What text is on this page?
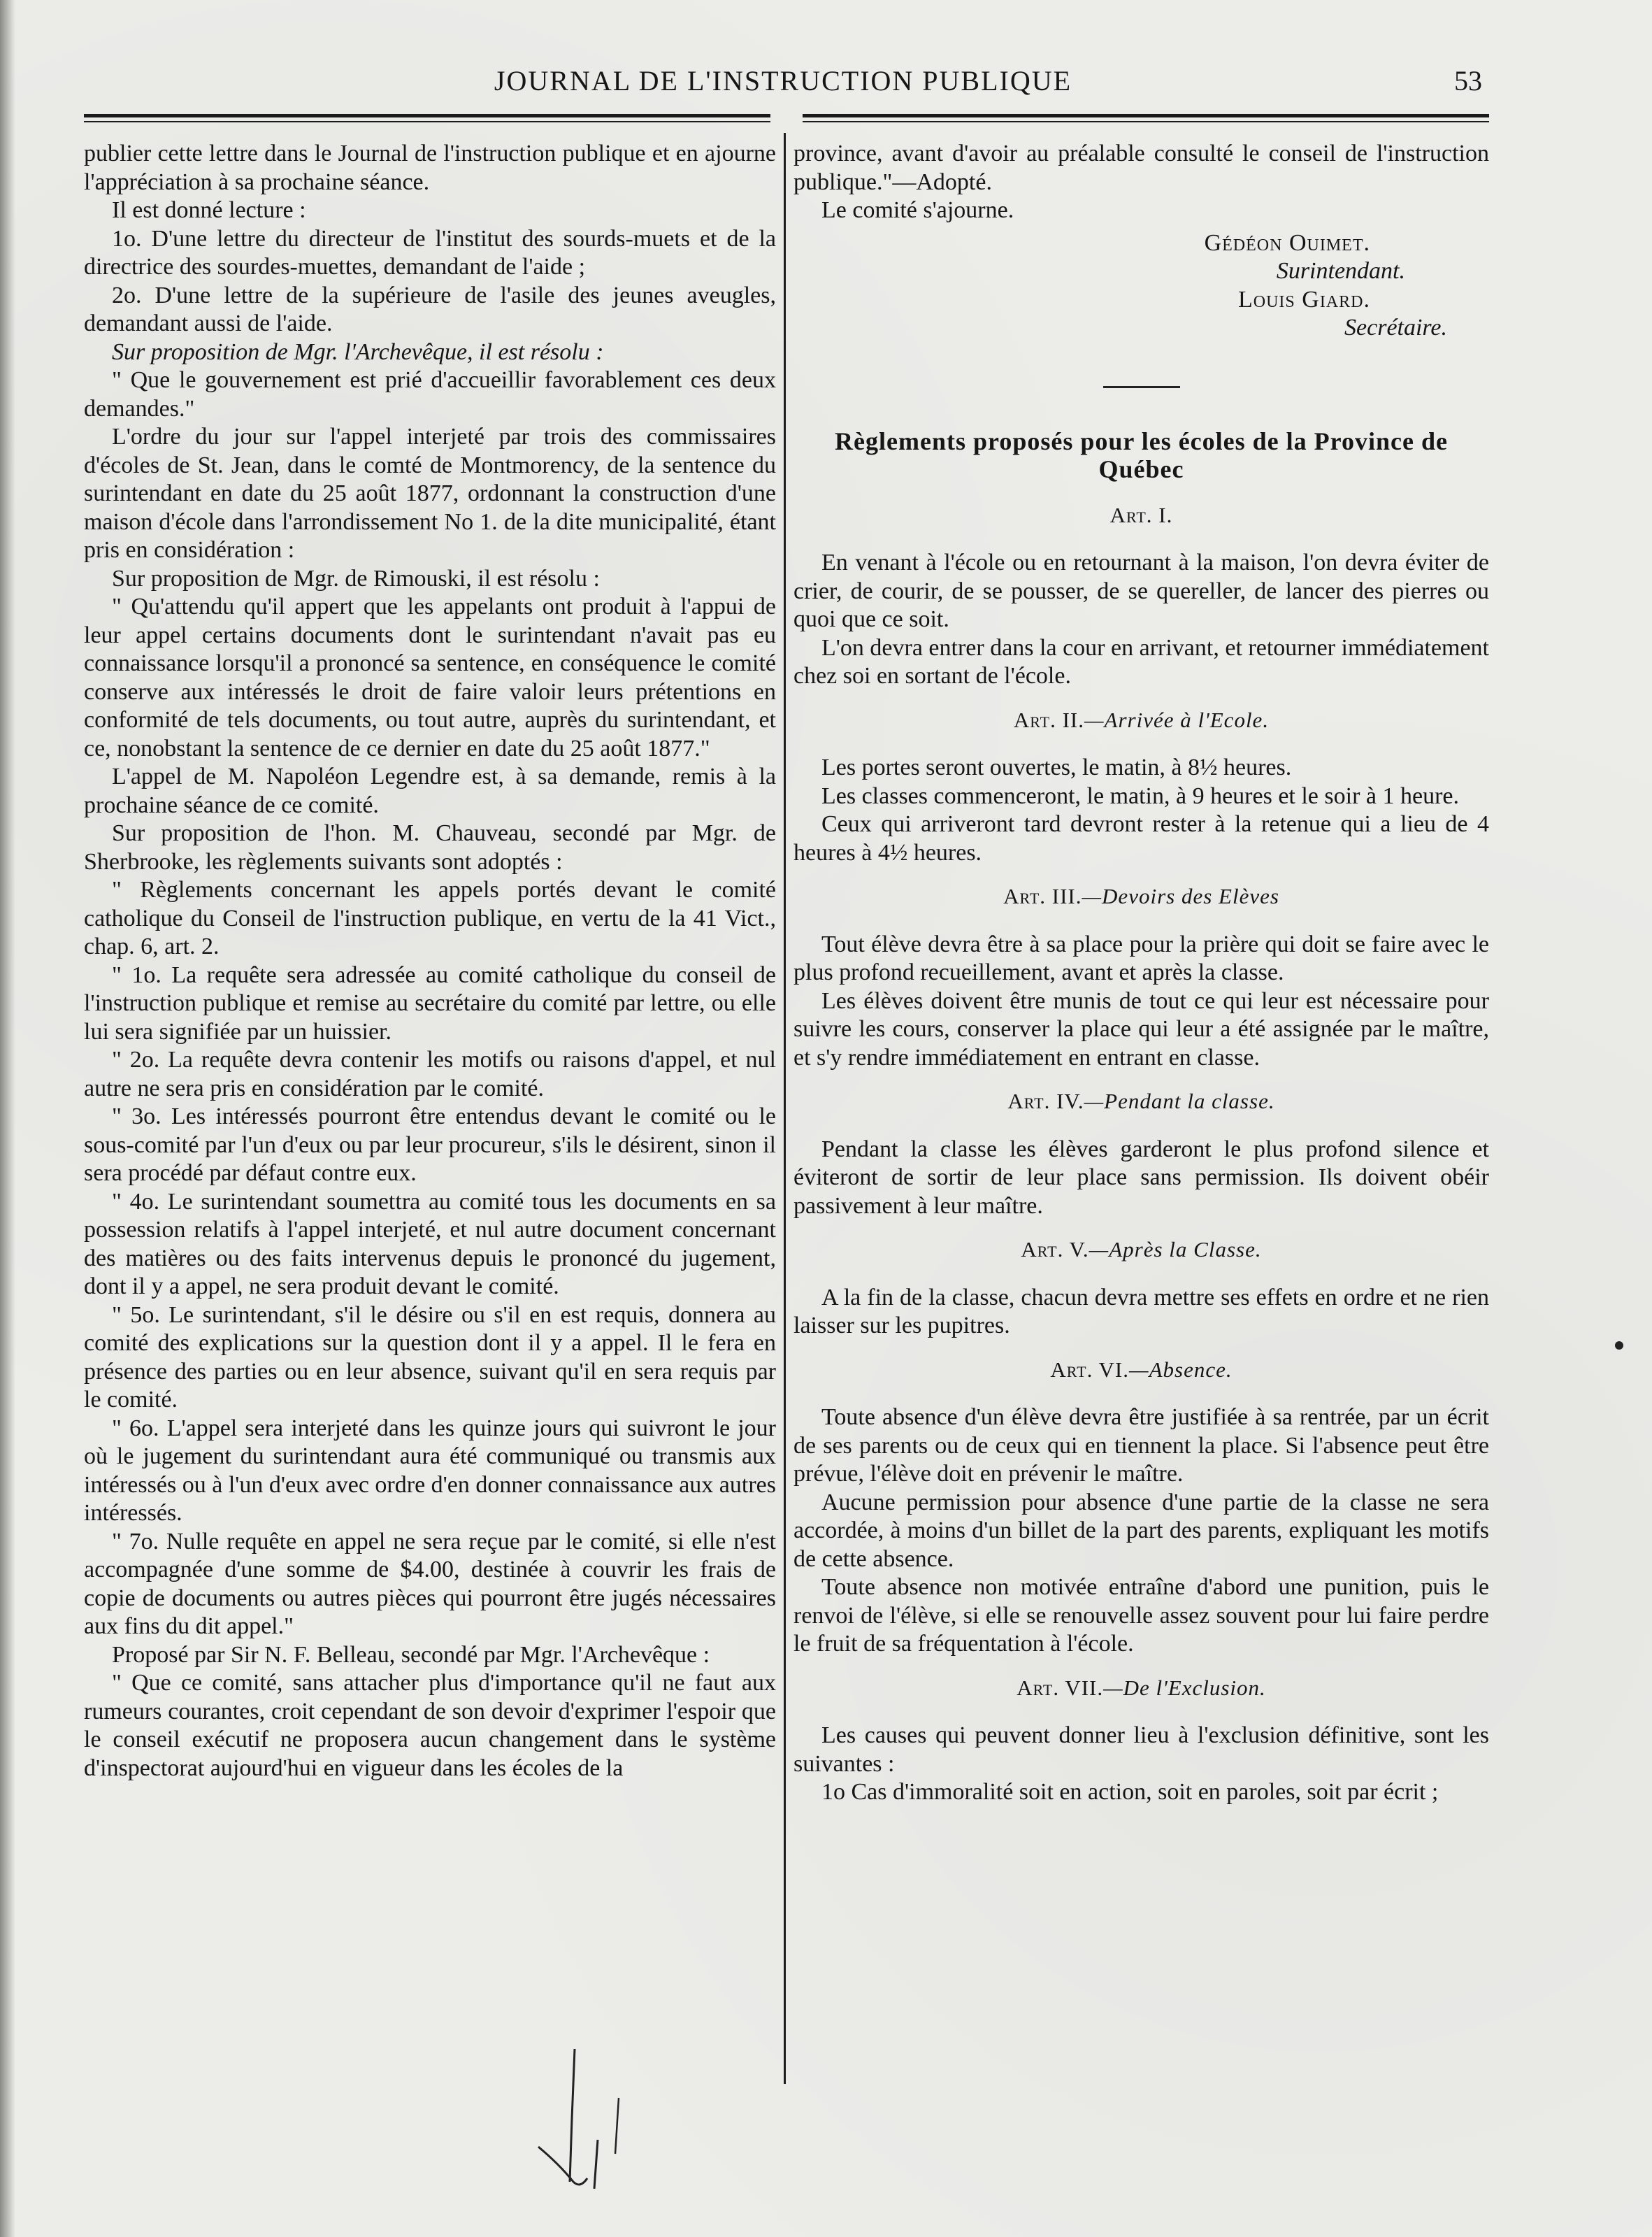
JOURNAL DE L'INSTRUCTION PUBLIQUE	53

publier cette lettre dans le Journal de l'instruction publique et en ajourne l'appréciation à sa prochaine séance.

Il est donné lecture :

1o. D'une lettre du directeur de l'institut des sourds-muets et de la directrice des sourdes-muettes, demandant de l'aide ;

2o. D'une lettre de la supérieure de l'asile des jeunes aveugles, demandant aussi de l'aide.

Sur proposition de Mgr. l'Archevêque, il est résolu :

" Que le gouvernement est prié d'accueillir favorablement ces deux demandes."

L'ordre du jour sur l'appel interjeté par trois des commissaires d'écoles de St. Jean, dans le comté de Montmorency, de la sentence du surintendant en date du 25 août 1877, ordonnant la construction d'une maison d'école dans l'arrondissement No 1. de la dite municipalité, étant pris en considération :

Sur proposition de Mgr. de Rimouski, il est résolu :

" Qu'attendu qu'il appert que les appelants ont produit à l'appui de leur appel certains documents dont le surintendant n'avait pas eu connaissance lorsqu'il a prononcé sa sentence, en conséquence le comité conserve aux intéressés le droit de faire valoir leurs prétentions en conformité de tels documents, ou tout autre, auprès du surintendant, et ce, nonobstant la sentence de ce dernier en date du 25 août 1877."

L'appel de M. Napoléon Legendre est, à sa demande, remis à la prochaine séance de ce comité.

Sur proposition de l'hon. M. Chauveau, secondé par Mgr. de Sherbrooke, les règlements suivants sont adoptés :

" Règlements concernant les appels portés devant le comité catholique du Conseil de l'instruction publique, en vertu de la 41 Vict., chap. 6, art. 2.

" 1o. La requête sera adressée au comité catholique du conseil de l'instruction publique et remise au secrétaire du comité par lettre, ou elle lui sera signifiée par un huissier.

" 2o. La requête devra contenir les motifs ou raisons d'appel, et nul autre ne sera pris en considération par le comité.

" 3o. Les intéressés pourront être entendus devant le comité ou le sous-comité par l'un d'eux ou par leur procureur, s'ils le désirent, sinon il sera procédé par défaut contre eux.

" 4o. Le surintendant soumettra au comité tous les documents en sa possession relatifs à l'appel interjeté, et nul autre document concernant des matières ou des faits intervenus depuis le prononcé du jugement, dont il y a appel, ne sera produit devant le comité.

" 5o. Le surintendant, s'il le désire ou s'il en est requis, donnera au comité des explications sur la question dont il y a appel. Il le fera en présence des parties ou en leur absence, suivant qu'il en sera requis par le comité.

" 6o. L'appel sera interjeté dans les quinze jours qui suivront le jour où le jugement du surintendant aura été communiqué ou transmis aux intéressés ou à l'un d'eux avec ordre d'en donner connaissance aux autres intéressés.

" 7o. Nulle requête en appel ne sera reçue par le comité, si elle n'est accompagnée d'une somme de $4.00, destinée à couvrir les frais de copie de documents ou autres pièces qui pourront être jugés nécessaires aux fins du dit appel."

Proposé par Sir N. F. Belleau, secondé par Mgr. l'Archevêque :

" Que ce comité, sans attacher plus d'importance qu'il ne faut aux rumeurs courantes, croit cependant de son devoir d'exprimer l'espoir que le conseil exécutif ne proposera aucun changement dans le système d'inspectorat aujourd'hui en vigueur dans les écoles de la

province, avant d'avoir au préalable consulté le conseil de l'instruction publique."—Adopté.

Le comité s'ajourne.

Gédéon Ouimet.

Surintendant.

Louis Giard.

Secrétaire.

Règlements proposés pour les écoles de la Province de Québec
Art. I.

En venant à l'école ou en retournant à la maison, l'on devra éviter de crier, de courir, de se pousser, de se quereller, de lancer des pierres ou quoi que ce soit.

L'on devra entrer dans la cour en arrivant, et retourner immédiatement chez soi en sortant de l'école.

Art. II.—Arrivée à l'Ecole.

Les portes seront ouvertes, le matin, à 8½ heures.

Les classes commenceront, le matin, à 9 heures et le soir à 1 heure.

Ceux qui arriveront tard devront rester à la retenue qui a lieu de 4 heures à 4½ heures.

Art. III.—Devoirs des Elèves

Tout élève devra être à sa place pour la prière qui doit se faire avec le plus profond recueillement, avant et après la classe.

Les élèves doivent être munis de tout ce qui leur est nécessaire pour suivre les cours, conserver la place qui leur a été assignée par le maître, et s'y rendre immédiatement en entrant en classe.

Art. IV.—Pendant la classe.

Pendant la classe les élèves garderont le plus profond silence et éviteront de sortir de leur place sans permission. Ils doivent obéir passivement à leur maître.

Art. V.—Après la Classe.

A la fin de la classe, chacun devra mettre ses effets en ordre et ne rien laisser sur les pupitres.

Art. VI.—Absence.

Toute absence d'un élève devra être justifiée à sa rentrée, par un écrit de ses parents ou de ceux qui en tiennent la place. Si l'absence peut être prévue, l'élève doit en prévenir le maître.

Aucune permission pour absence d'une partie de la classe ne sera accordée, à moins d'un billet de la part des parents, expliquant les motifs de cette absence.

Toute absence non motivée entraîne d'abord une punition, puis le renvoi de l'élève, si elle se renouvelle assez souvent pour lui faire perdre le fruit de sa fréquentation à l'école.

Art. VII.—De l'Exclusion.

Les causes qui peuvent donner lieu à l'exclusion définitive, sont les suivantes :

1o Cas d'immoralité soit en action, soit en paroles, soit par écrit ;
